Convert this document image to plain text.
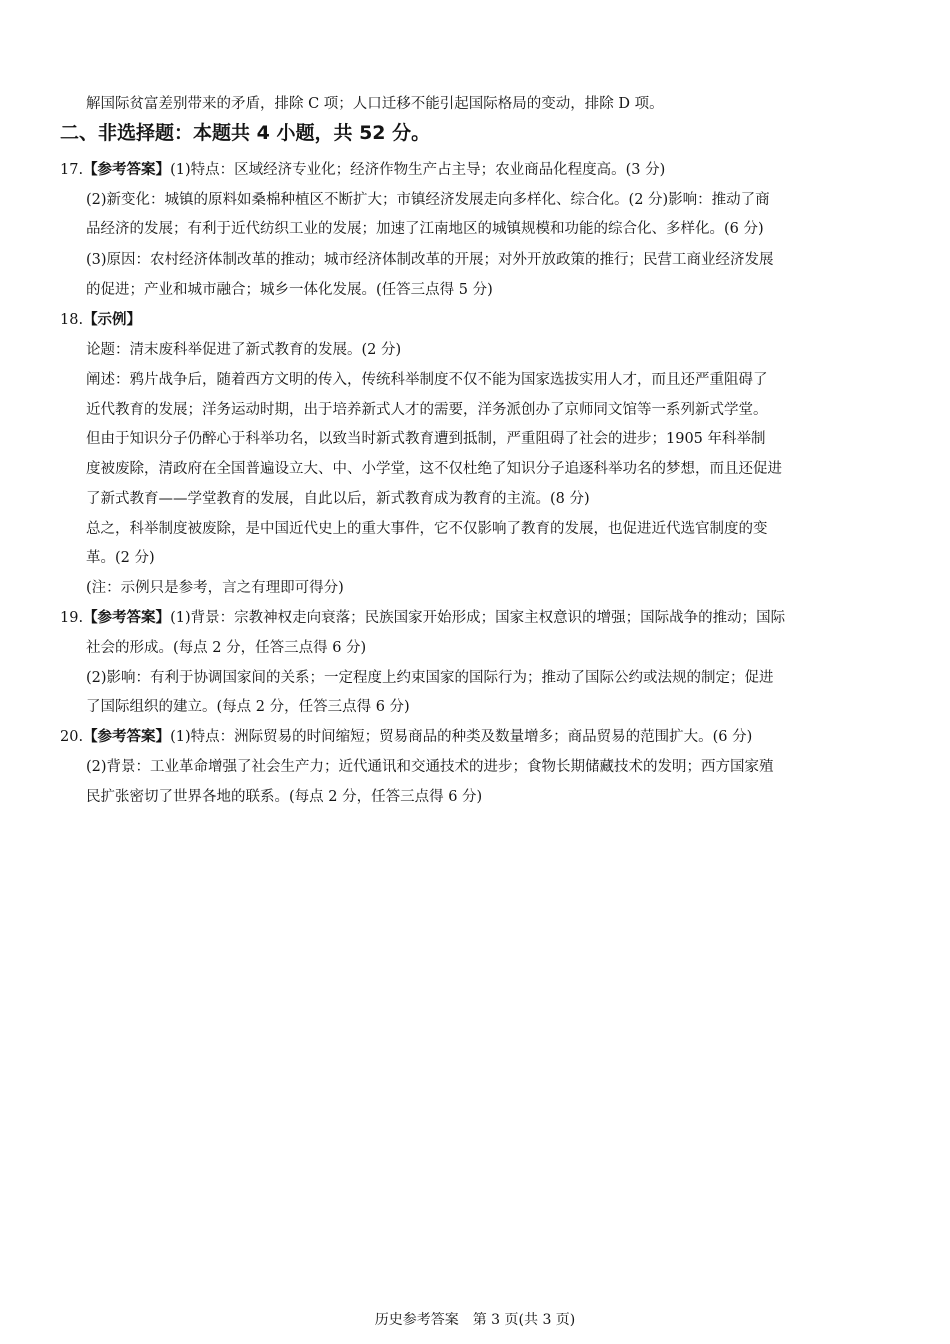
解国际贫富差别带来的矛盾，排除 C 项；人口迁移不能引起国际格局的变动，排除 D 项。
二、非选择题：本题共 4 小题，共 52 分。
17.【参考答案】(1)特点：区域经济专业化；经济作物生产占主导；农业商品化程度高。(3 分)
(2)新变化：城镇的原料如桑棉种植区不断扩大；市镇经济发展走向多样化、综合化。(2 分)影响：推动了商
品经济的发展；有利于近代纺织工业的发展；加速了江南地区的城镇规模和功能的综合化、多样化。(6 分)
(3)原因：农村经济体制改革的推动；城市经济体制改革的开展；对外开放政策的推行；民营工商业经济发展
的促进；产业和城市融合；城乡一体化发展。(任答三点得 5 分)
18.【示例】
论题：清末废科举促进了新式教育的发展。(2 分)
阐述：鸦片战争后，随着西方文明的传入，传统科举制度不仅不能为国家选拔实用人才，而且还严重阻碍了
近代教育的发展；洋务运动时期，出于培养新式人才的需要，洋务派创办了京师同文馆等一系列新式学堂。
但由于知识分子仍醉心于科举功名，以致当时新式教育遭到抵制，严重阻碍了社会的进步；1905 年科举制
度被废除，清政府在全国普遍设立大、中、小学堂，这不仅杜绝了知识分子追逐科举功名的梦想，而且还促进
了新式教育——学堂教育的发展，自此以后，新式教育成为教育的主流。(8 分)
总之，科举制度被废除，是中国近代史上的重大事件，它不仅影响了教育的发展，也促进近代选官制度的变
革。(2 分)
(注：示例只是参考，言之有理即可得分)
19.【参考答案】(1)背景：宗教神权走向衰落；民族国家开始形成；国家主权意识的增强；国际战争的推动；国际
社会的形成。(每点 2 分，任答三点得 6 分)
(2)影响：有利于协调国家间的关系；一定程度上约束国家的国际行为；推动了国际公约或法规的制定；促进
了国际组织的建立。(每点 2 分，任答三点得 6 分)
20.【参考答案】(1)特点：洲际贸易的时间缩短；贸易商品的种类及数量增多；商品贸易的范围扩大。(6 分)
(2)背景：工业革命增强了社会生产力；近代通讯和交通技术的进步；食物长期储藏技术的发明；西方国家殖
民扩张密切了世界各地的联系。(每点 2 分，任答三点得 6 分)
历史参考答案　第 3 页(共 3 页)
